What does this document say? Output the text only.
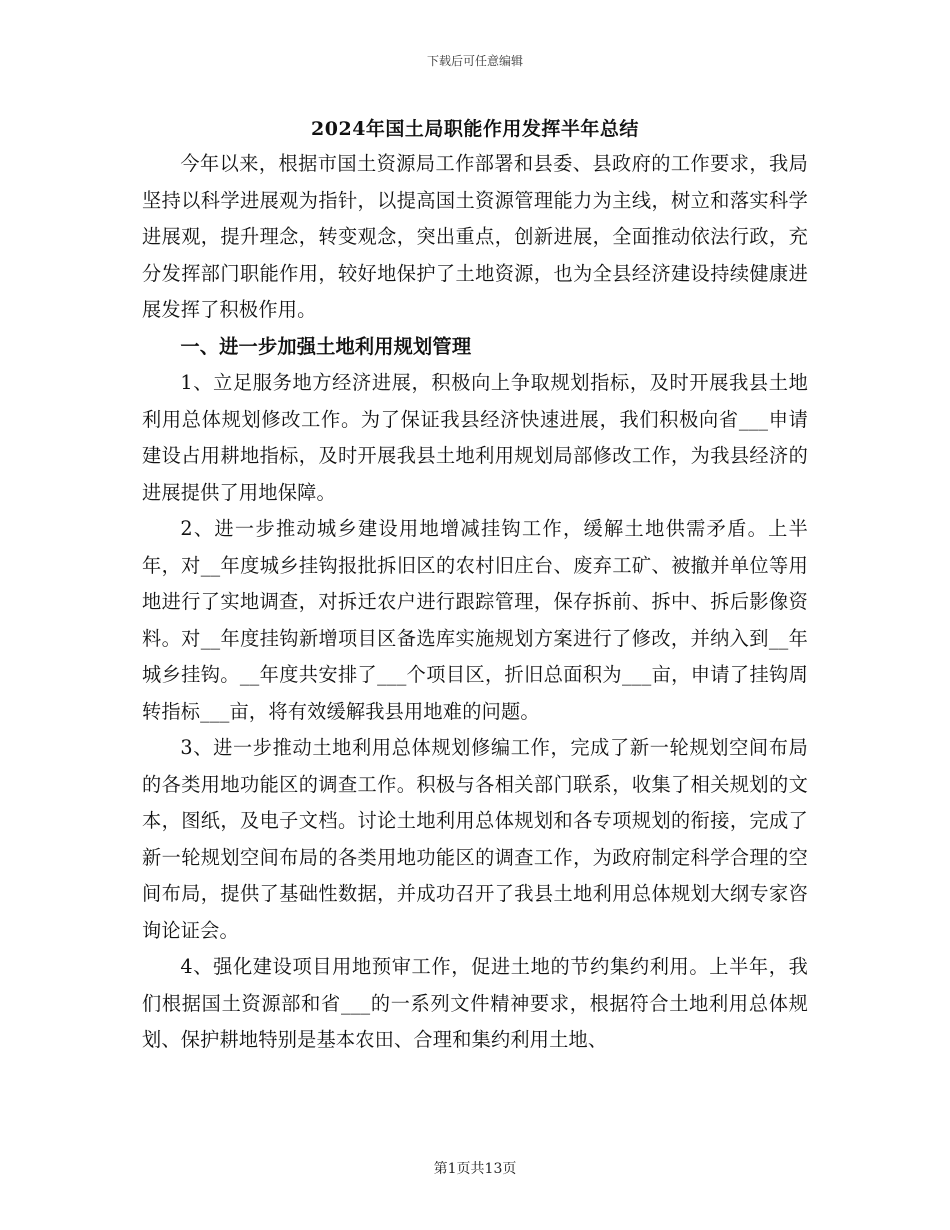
下载后可任意编辑
2024年国土局职能作用发挥半年总结

今年以来，根据市国土资源局工作部署和县委、县政府的工作要求，我局坚持以科学进展观为指针，以提高国土资源管理能力为主线，树立和落实科学进展观，提升理念，转变观念，突出重点，创新进展，全面推动依法行政，充分发挥部门职能作用，较好地保护了土地资源，也为全县经济建设持续健康进展发挥了积极作用。

一、进一步加强土地利用规划管理

1、立足服务地方经济进展，积极向上争取规划指标，及时开展我县土地利用总体规划修改工作。为了保证我县经济快速进展，我们积极向省___申请建设占用耕地指标，及时开展我县土地利用规划局部修改工作，为我县经济的进展提供了用地保障。

2、进一步推动城乡建设用地增减挂钩工作，缓解土地供需矛盾。上半年，对__年度城乡挂钩报批拆旧区的农村旧庄台、废弃工矿、被撤并单位等用地进行了实地调查，对拆迁农户进行跟踪管理，保存拆前、拆中、拆后影像资料。对__年度挂钩新增项目区备选库实施规划方案进行了修改，并纳入到__年城乡挂钩。__年度共安排了___个项目区，折旧总面积为___亩，申请了挂钩周转指标___亩，将有效缓解我县用地难的问题。

3、进一步推动土地利用总体规划修编工作，完成了新一轮规划空间布局的各类用地功能区的调查工作。积极与各相关部门联系，收集了相关规划的文本，图纸，及电子文档。讨论土地利用总体规划和各专项规划的衔接，完成了新一轮规划空间布局的各类用地功能区的调查工作，为政府制定科学合理的空间布局，提供了基础性数据，并成功召开了我县土地利用总体规划大纲专家咨询论证会。

4、强化建设项目用地预审工作，促进土地的节约集约利用。上半年，我们根据国土资源部和省___的一系列文件精神要求，根据符合土地利用总体规划、保护耕地特别是基本农田、合理和集约利用土地、

第1页共13页
